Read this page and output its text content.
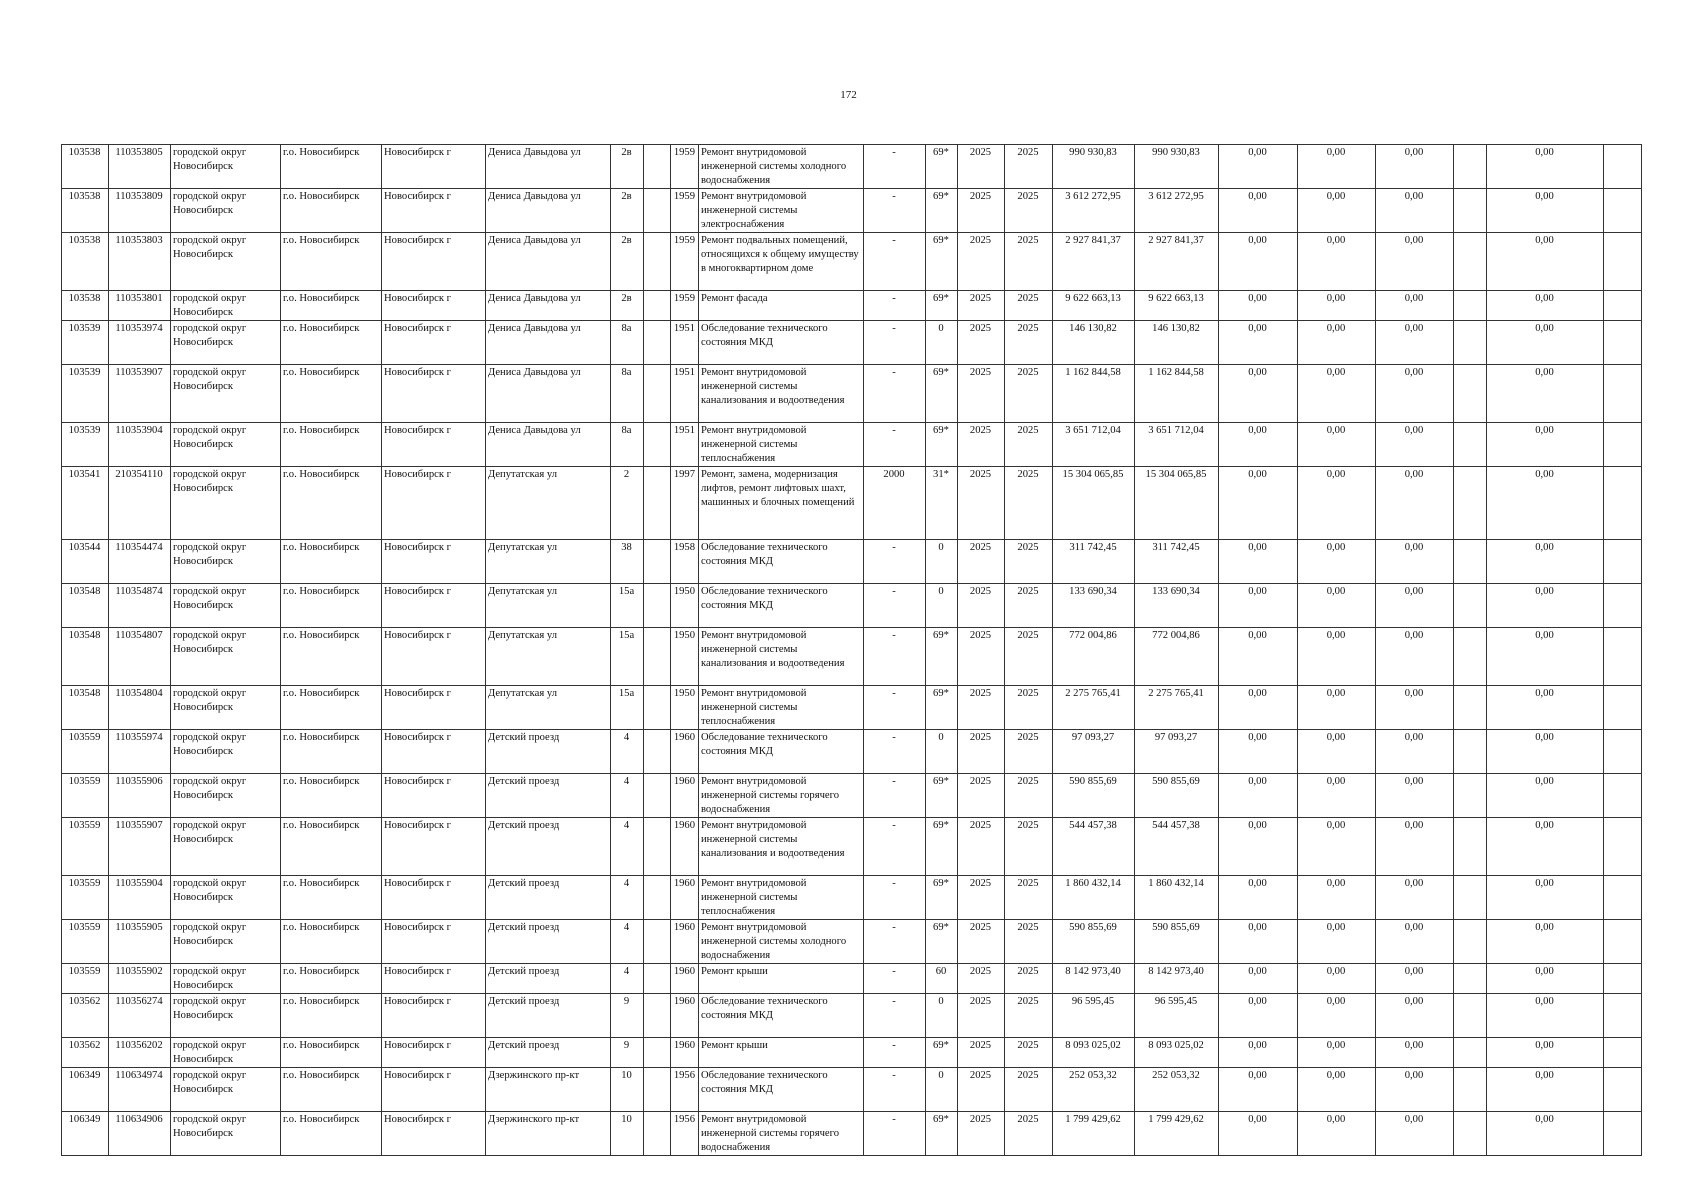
172
103538	110353805	городской округ Новосибирск	г.о. Новосибирск	Новосибирск г	Дениса Давыдова ул	2в		1959	Ремонт внутридомовой инженерной системы холодного водоснабжения	-	69*	2025	2025	990 930,83	990 930,83	0,00	0,00	0,00		0,00	
103538	110353809	городской округ Новосибирск	г.о. Новосибирск	Новосибирск г	Дениса Давыдова ул	2в		1959	Ремонт внутридомовой инженерной системы электроснабжения	-	69*	2025	2025	3 612 272,95	3 612 272,95	0,00	0,00	0,00		0,00	
103538	110353803	городской округ Новосибирск	г.о. Новосибирск	Новосибирск г	Дениса Давыдова ул	2в		1959	Ремонт подвальных помещений, относящихся к общему имуществу в многоквартирном доме	-	69*	2025	2025	2 927 841,37	2 927 841,37	0,00	0,00	0,00		0,00	
103538	110353801	городской округ Новосибирск	г.о. Новосибирск	Новосибирск г	Дениса Давыдова ул	2в		1959	Ремонт фасада	-	69*	2025	2025	9 622 663,13	9 622 663,13	0,00	0,00	0,00		0,00	
103539	110353974	городской округ Новосибирск	г.о. Новосибирск	Новосибирск г	Дениса Давыдова ул	8а		1951	Обследование технического состояния МКД	-	0	2025	2025	146 130,82	146 130,82	0,00	0,00	0,00		0,00	
103539	110353907	городской округ Новосибирск	г.о. Новосибирск	Новосибирск г	Дениса Давыдова ул	8а		1951	Ремонт внутридомовой инженерной системы канализования и водоотведения	-	69*	2025	2025	1 162 844,58	1 162 844,58	0,00	0,00	0,00		0,00	
103539	110353904	городской округ Новосибирск	г.о. Новосибирск	Новосибирск г	Дениса Давыдова ул	8а		1951	Ремонт внутридомовой инженерной системы теплоснабжения	-	69*	2025	2025	3 651 712,04	3 651 712,04	0,00	0,00	0,00		0,00	
103541	210354110	городской округ Новосибирск	г.о. Новосибирск	Новосибирск г	Депутатская ул	2		1997	Ремонт, замена, модернизация лифтов, ремонт лифтовых шахт, машинных и блочных помещений	2000	31*	2025	2025	15 304 065,85	15 304 065,85	0,00	0,00	0,00		0,00	
103544	110354474	городской округ Новосибирск	г.о. Новосибирск	Новосибирск г	Депутатская ул	38		1958	Обследование технического состояния МКД	-	0	2025	2025	311 742,45	311 742,45	0,00	0,00	0,00		0,00	
103548	110354874	городской округ Новосибирск	г.о. Новосибирск	Новосибирск г	Депутатская ул	15а		1950	Обследование технического состояния МКД	-	0	2025	2025	133 690,34	133 690,34	0,00	0,00	0,00		0,00	
103548	110354807	городской округ Новосибирск	г.о. Новосибирск	Новосибирск г	Депутатская ул	15а		1950	Ремонт внутридомовой инженерной системы канализования и водоотведения	-	69*	2025	2025	772 004,86	772 004,86	0,00	0,00	0,00		0,00	
103548	110354804	городской округ Новосибирск	г.о. Новосибирск	Новосибирск г	Депутатская ул	15а		1950	Ремонт внутридомовой инженерной системы теплоснабжения	-	69*	2025	2025	2 275 765,41	2 275 765,41	0,00	0,00	0,00		0,00	
103559	110355974	городской округ Новосибирск	г.о. Новосибирск	Новосибирск г	Детский проезд	4		1960	Обследование технического состояния МКД	-	0	2025	2025	97 093,27	97 093,27	0,00	0,00	0,00		0,00	
103559	110355906	городской округ Новосибирск	г.о. Новосибирск	Новосибирск г	Детский проезд	4		1960	Ремонт внутридомовой инженерной системы горячего водоснабжения	-	69*	2025	2025	590 855,69	590 855,69	0,00	0,00	0,00		0,00	
103559	110355907	городской округ Новосибирск	г.о. Новосибирск	Новосибирск г	Детский проезд	4		1960	Ремонт внутридомовой инженерной системы канализования и водоотведения	-	69*	2025	2025	544 457,38	544 457,38	0,00	0,00	0,00		0,00	
103559	110355904	городской округ Новосибирск	г.о. Новосибирск	Новосибирск г	Детский проезд	4		1960	Ремонт внутридомовой инженерной системы теплоснабжения	-	69*	2025	2025	1 860 432,14	1 860 432,14	0,00	0,00	0,00		0,00	
103559	110355905	городской округ Новосибирск	г.о. Новосибирск	Новосибирск г	Детский проезд	4		1960	Ремонт внутридомовой инженерной системы холодного водоснабжения	-	69*	2025	2025	590 855,69	590 855,69	0,00	0,00	0,00		0,00	
103559	110355902	городской округ Новосибирск	г.о. Новосибирск	Новосибирск г	Детский проезд	4		1960	Ремонт крыши	-	60	2025	2025	8 142 973,40	8 142 973,40	0,00	0,00	0,00		0,00	
103562	110356274	городской округ Новосибирск	г.о. Новосибирск	Новосибирск г	Детский проезд	9		1960	Обследование технического состояния МКД	-	0	2025	2025	96 595,45	96 595,45	0,00	0,00	0,00		0,00	
103562	110356202	городской округ Новосибирск	г.о. Новосибирск	Новосибирск г	Детский проезд	9		1960	Ремонт крыши	-	69*	2025	2025	8 093 025,02	8 093 025,02	0,00	0,00	0,00		0,00	
106349	110634974	городской округ Новосибирск	г.о. Новосибирск	Новосибирск г	Дзержинского пр-кт	10		1956	Обследование технического состояния МКД	-	0	2025	2025	252 053,32	252 053,32	0,00	0,00	0,00		0,00	
106349	110634906	городской округ Новосибирск	г.о. Новосибирск	Новосибирск г	Дзержинского пр-кт	10		1956	Ремонт внутридомовой инженерной системы горячего водоснабжения	-	69*	2025	2025	1 799 429,62	1 799 429,62	0,00	0,00	0,00		0,00	
